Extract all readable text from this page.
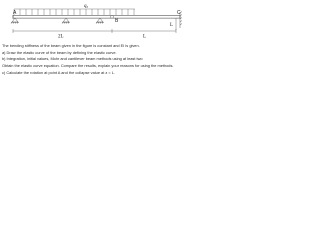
q₀
A
B
C
L
2L	L

The bending stiffness of the beam given in the figure is constant and EI is given.

a) Draw the elastic curve of the beam by defining the elastic curve.

b) Integration, initial values, Mohr and cantilever beam methods using at least two

Obtain the elastic curve equation. Compare the results, explain your reasons for using the methods.

c) Calculate the rotation at point A and the collapse value at z = L.
